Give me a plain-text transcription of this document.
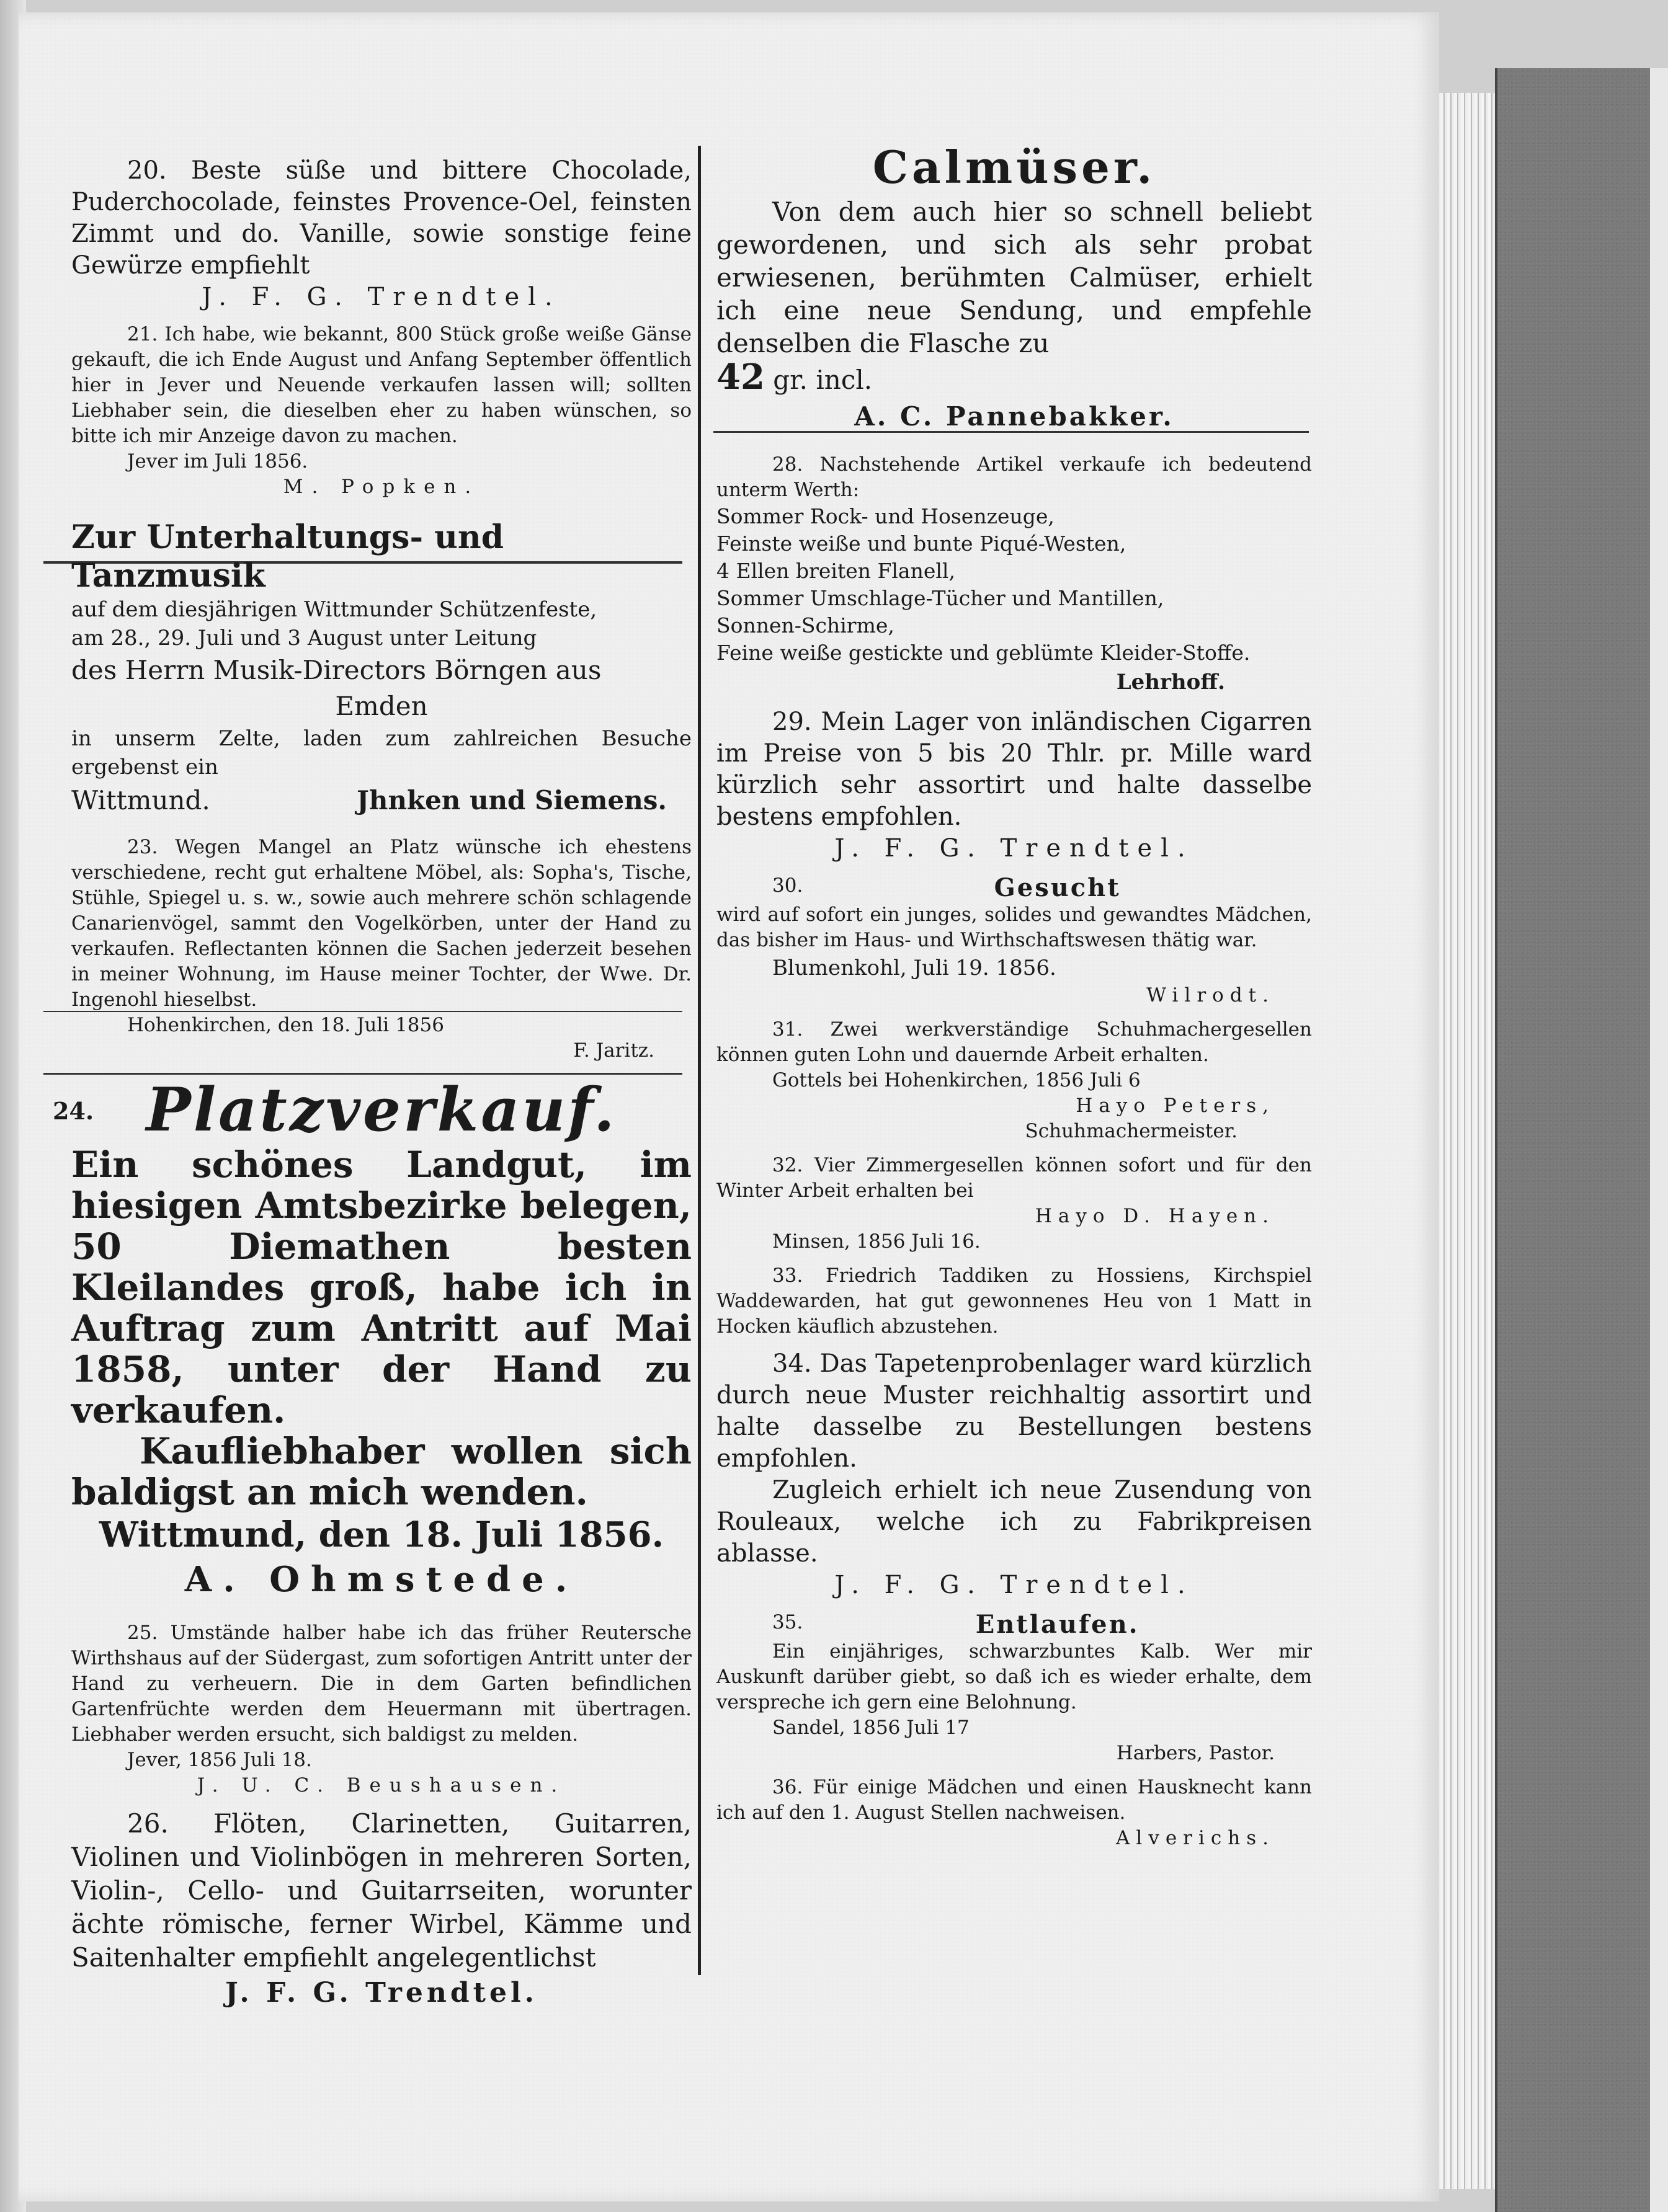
20. Beste süße und bittere Chocolade, Puderchocolade, feinstes Provence-Oel, feinsten Zimmt und do. Vanille, sowie sonstige feine Gewürze empfiehlt

J. F. G. Trendtel.

21. Ich habe, wie bekannt, 800 Stück große weiße Gänse gekauft, die ich Ende August und Anfang September öffentlich hier in Jever und Neuende verkaufen lassen will; sollten Liebhaber sein, die dieselben eher zu haben wünschen, so bitte ich mir Anzeige davon zu machen.

Jever im Juli 1856.

M. Popken.

Zur Unterhaltungs- und Tanzmusik

auf dem diesjährigen Wittmunder Schützenfeste,

am 28., 29. Juli und 3 August unter Leitung

des Herrn Musik-Directors Börngen aus

Emden

in unserm Zelte, laden zum zahlreichen Besuche ergebenst ein

Wittmund.	Jhnken und Siemens.

23. Wegen Mangel an Platz wünsche ich ehestens verschiedene, recht gut erhaltene Möbel, als: Sopha's, Tische, Stühle, Spiegel u. s. w., sowie auch mehrere schön schlagende Canarienvögel, sammt den Vogelkörben, unter der Hand zu verkaufen. Reflectanten können die Sachen jederzeit besehen in meiner Wohnung, im Hause meiner Tochter, der Wwe. Dr. Ingenohl hieselbst.

Hohenkirchen, den 18. Juli 1856

F. Jaritz.

24. Platzverkauf.

Ein schönes Landgut, im hiesigen Amtsbezirke belegen, 50 Diemathen besten Kleilandes groß, habe ich in Auftrag zum Antritt auf Mai 1858, unter der Hand zu verkaufen.

Kaufliebhaber wollen sich baldigst an mich wenden.

Wittmund, den 18. Juli 1856.

A. Ohmstede.

25. Umstände halber habe ich das früher Reutersche Wirthshaus auf der Südergast, zum sofortigen Antritt unter der Hand zu verheuern. Die in dem Garten befindlichen Gartenfrüchte werden dem Heuermann mit übertragen. Liebhaber werden ersucht, sich baldigst zu melden.

Jever, 1856 Juli 18.

J. U. C. Beushausen.

26. Flöten, Clarinetten, Guitarren, Violinen und Violinbögen in mehreren Sorten, Violin-, Cello- und Guitarrseiten, worunter ächte römische, ferner Wirbel, Kämme und Saitenhalter empfiehlt angelegentlichst

J. F. G. Trendtel.

Calmüser.

Von dem auch hier so schnell beliebt gewordenen, und sich als sehr probat erwiesenen, berühmten Calmüser, erhielt ich eine neue Sendung, und empfehle denselben die Flasche zu

42 gr. incl.

A. C. Pannebakker.

28. Nachstehende Artikel verkaufe ich bedeutend unterm Werth:

Sommer Rock- und Hosenzeuge,

Feinste weiße und bunte Piqué-Westen,

4 Ellen breiten Flanell,

Sommer Umschlage-Tücher und Mantillen,

Sonnen-Schirme,

Feine weiße gestickte und geblümte Kleider-Stoffe.

Lehrhoff.

29. Mein Lager von inländischen Cigarren im Preise von 5 bis 20 Thlr. pr. Mille ward kürzlich sehr assortirt und halte dasselbe bestens empfohlen.

J. F. G. Trendtel.

30.	Gesucht

wird auf sofort ein junges, solides und gewandtes Mädchen, das bisher im Haus- und Wirthschaftswesen thätig war.

Blumenkohl, Juli 19. 1856.

Wilrodt.

31. Zwei werkverständige Schuhmachergesellen können guten Lohn und dauernde Arbeit erhalten.

Gottels bei Hohenkirchen, 1856 Juli 6

Hayo Peters,

Schuhmachermeister.

32. Vier Zimmergesellen können sofort und für den Winter Arbeit erhalten bei

Hayo D. Hayen.

Minsen, 1856 Juli 16.

33. Friedrich Taddiken zu Hossiens, Kirchspiel Waddewarden, hat gut gewonnenes Heu von 1 Matt in Hocken käuflich abzustehen.

34. Das Tapetenprobenlager ward kürzlich durch neue Muster reichhaltig assortirt und halte dasselbe zu Bestellungen bestens empfohlen.

Zugleich erhielt ich neue Zusendung von Rouleaux, welche ich zu Fabrikpreisen ablasse.

J. F. G. Trendtel.

35.	Entlaufen.

Ein einjähriges, schwarzbuntes Kalb. Wer mir Auskunft darüber giebt, so daß ich es wieder erhalte, dem verspreche ich gern eine Belohnung.

Sandel, 1856 Juli 17

Harbers, Pastor.

36. Für einige Mädchen und einen Hausknecht kann ich auf den 1. August Stellen nachweisen.

Alverichs.
